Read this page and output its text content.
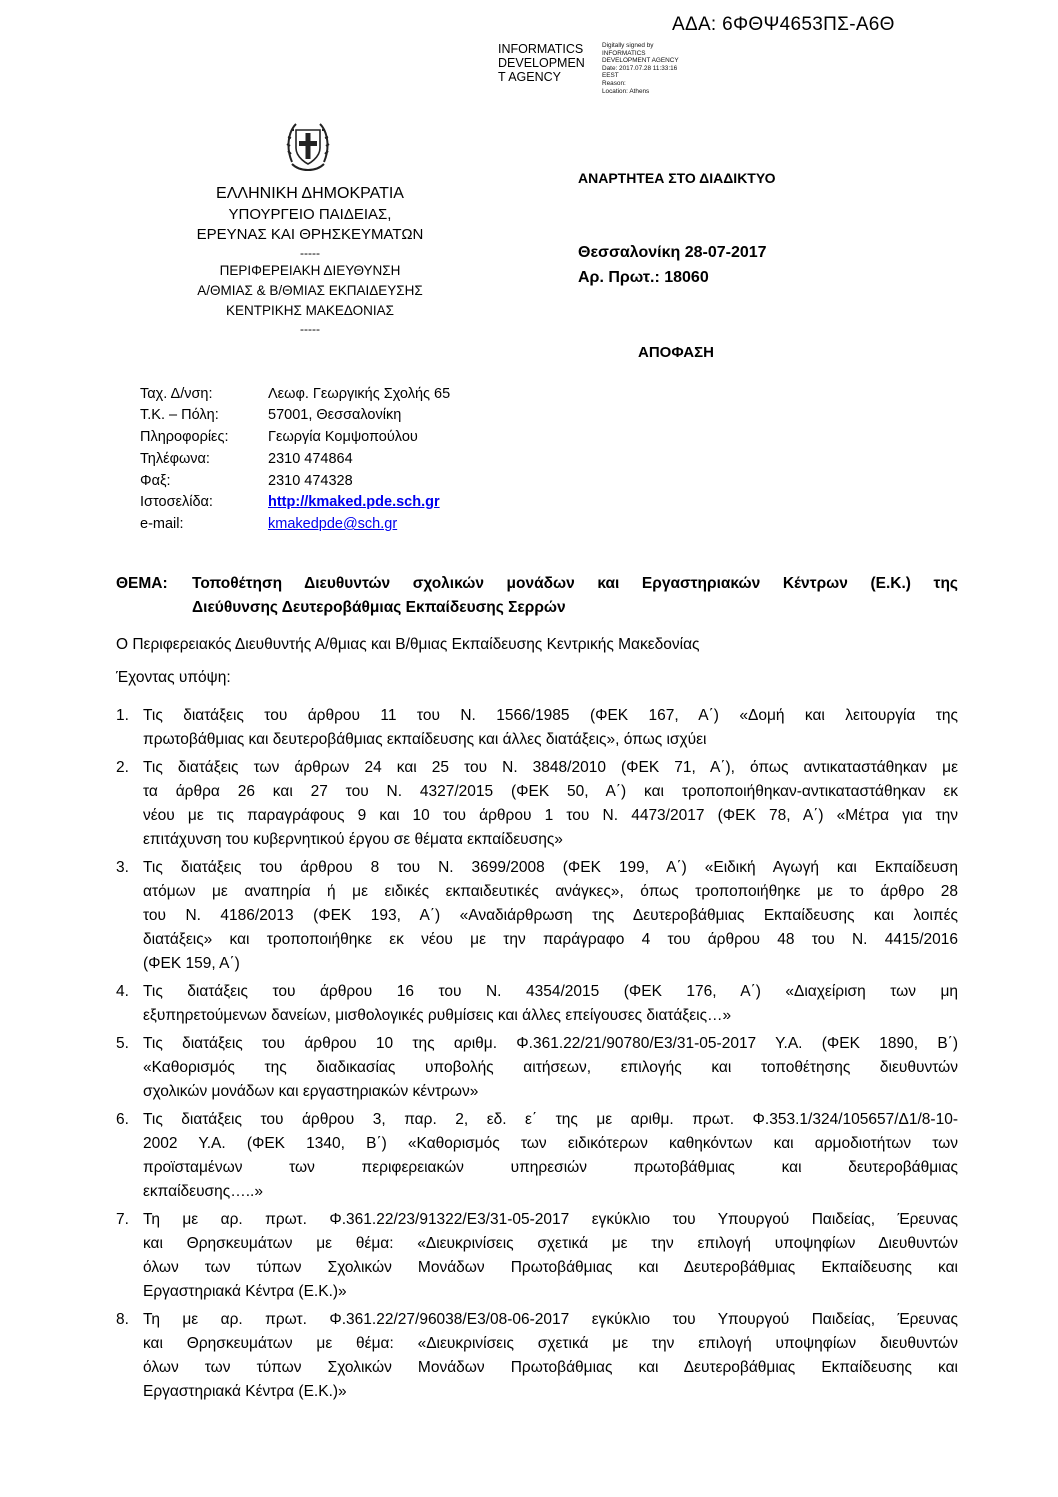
ΑΔΑ: 6ΦΘΨ4653ΠΣ-Α6Θ
INFORMATICS
DEVELOPMEN
T AGENCY
Digitally signed by
INFORMATICS
DEVELOPMENT AGENCY
Date: 2017.07.28 11:33:16
EEST
Reason:
Location: Athens
ΕΛΛΗΝΙΚΗ ΔΗΜΟΚΡΑΤΙΑ
ΥΠΟΥΡΓΕΙΟ ΠΑΙΔΕΙΑΣ,
ΕΡΕΥΝΑΣ ΚΑΙ ΘΡΗΣΚΕΥΜΑΤΩΝ
-----
ΠΕΡΙΦΕΡΕΙΑΚΗ ΔΙΕΥΘΥΝΣΗ
Α/ΘΜΙΑΣ & Β/ΘΜΙΑΣ ΕΚΠΑΙΔΕΥΣΗΣ
ΚΕΝΤΡΙΚΗΣ ΜΑΚΕΔΟΝΙΑΣ
-----
ΑΝΑΡΤΗΤΕΑ ΣΤΟ ΔΙΑΔΙΚΤΥΟ
Θεσσαλονίκη 28-07-2017
Αρ. Πρωτ.: 18060
ΑΠΟΦΑΣΗ
Ταχ. Δ/νση:	Λεωφ. Γεωργικής Σχολής 65
Τ.Κ. – Πόλη:	57001, Θεσσαλονίκη
Πληροφορίες:	Γεωργία Κομψοπούλου
Τηλέφωνα:	2310 474864
Φαξ:	2310 474328
Ιστοσελίδα:	http://kmaked.pde.sch.gr
e-mail:	kmakedpde@sch.gr
ΘΕΜΑ: Τοποθέτηση Διευθυντών σχολικών μονάδων και Εργαστηριακών Κέντρων (Ε.Κ.) της
Διεύθυνσης Δευτεροβάθμιας Εκπαίδευσης Σερρών
Ο Περιφερειακός Διευθυντής Α/θμιας και Β/θμιας Εκπαίδευσης Κεντρικής Μακεδονίας
Έχοντας υπόψη:
1. Τις διατάξεις του άρθρου 11 του Ν. 1566/1985 (ΦΕΚ 167, Α΄) «Δομή και λειτουργία της
πρωτοβάθμιας και δευτεροβάθμιας εκπαίδευσης και άλλες διατάξεις», όπως ισχύει
2. Τις διατάξεις των άρθρων 24 και 25 του Ν. 3848/2010 (ΦΕΚ 71, Α΄), όπως αντικαταστάθηκαν με
τα άρθρα 26 και 27 του Ν. 4327/2015 (ΦΕΚ 50, Α΄) και τροποποιήθηκαν-αντικαταστάθηκαν εκ
νέου με τις παραγράφους 9 και 10 του άρθρου 1 του Ν. 4473/2017 (ΦΕΚ 78, Α΄) «Μέτρα για την
επιτάχυνση του κυβερνητικού έργου σε θέματα εκπαίδευσης»
3. Τις διατάξεις του άρθρου 8 του Ν. 3699/2008 (ΦΕΚ 199, Α΄) «Ειδική Αγωγή και Εκπαίδευση
ατόμων με αναπηρία ή με ειδικές εκπαιδευτικές ανάγκες», όπως τροποποιήθηκε με το άρθρο 28
του Ν. 4186/2013 (ΦΕΚ 193, Α΄) «Αναδιάρθρωση της Δευτεροβάθμιας Εκπαίδευσης και λοιπές
διατάξεις» και τροποποιήθηκε εκ νέου με την παράγραφο 4 του άρθρου 48 του Ν. 4415/2016
(ΦΕΚ 159, Α΄)
4. Τις διατάξεις του άρθρου 16 του Ν. 4354/2015 (ΦΕΚ 176, Α΄) «Διαχείριση των μη
εξυπηρετούμενων δανείων, μισθολογικές ρυθμίσεις και άλλες επείγουσες διατάξεις…»
5. Τις διατάξεις του άρθρου 10 της αριθμ. Φ.361.22/21/90780/Ε3/31-05-2017 Υ.Α. (ΦΕΚ 1890, Β΄)
«Καθορισμός της διαδικασίας υποβολής αιτήσεων, επιλογής και τοποθέτησης διευθυντών
σχολικών μονάδων και εργαστηριακών κέντρων»
6. Τις διατάξεις του άρθρου 3, παρ. 2, εδ. ε΄ της με αριθμ. πρωτ. Φ.353.1/324/105657/Δ1/8-10-
2002 Υ.Α. (ΦΕΚ 1340, Β΄) «Καθορισμός των ειδικότερων καθηκόντων και αρμοδιοτήτων των
προϊσταμένων των περιφερειακών υπηρεσιών πρωτοβάθμιας και δευτεροβάθμιας
εκπαίδευσης…..»
7. Τη με αρ. πρωτ. Φ.361.22/23/91322/Ε3/31-05-2017 εγκύκλιο του Υπουργού Παιδείας, Έρευνας
και Θρησκευμάτων με θέμα: «Διευκρινίσεις σχετικά με την επιλογή υποψηφίων Διευθυντών
όλων των τύπων Σχολικών Μονάδων Πρωτοβάθμιας και Δευτεροβάθμιας Εκπαίδευσης και
Εργαστηριακά Κέντρα (Ε.Κ.)»
8. Τη με αρ. πρωτ. Φ.361.22/27/96038/Ε3/08-06-2017 εγκύκλιο του Υπουργού Παιδείας, Έρευνας
και Θρησκευμάτων με θέμα: «Διευκρινίσεις σχετικά με την επιλογή υποψηφίων διευθυντών
όλων των τύπων Σχολικών Μονάδων Πρωτοβάθμιας και Δευτεροβάθμιας Εκπαίδευσης και
Εργαστηριακά Κέντρα (Ε.Κ.)»
